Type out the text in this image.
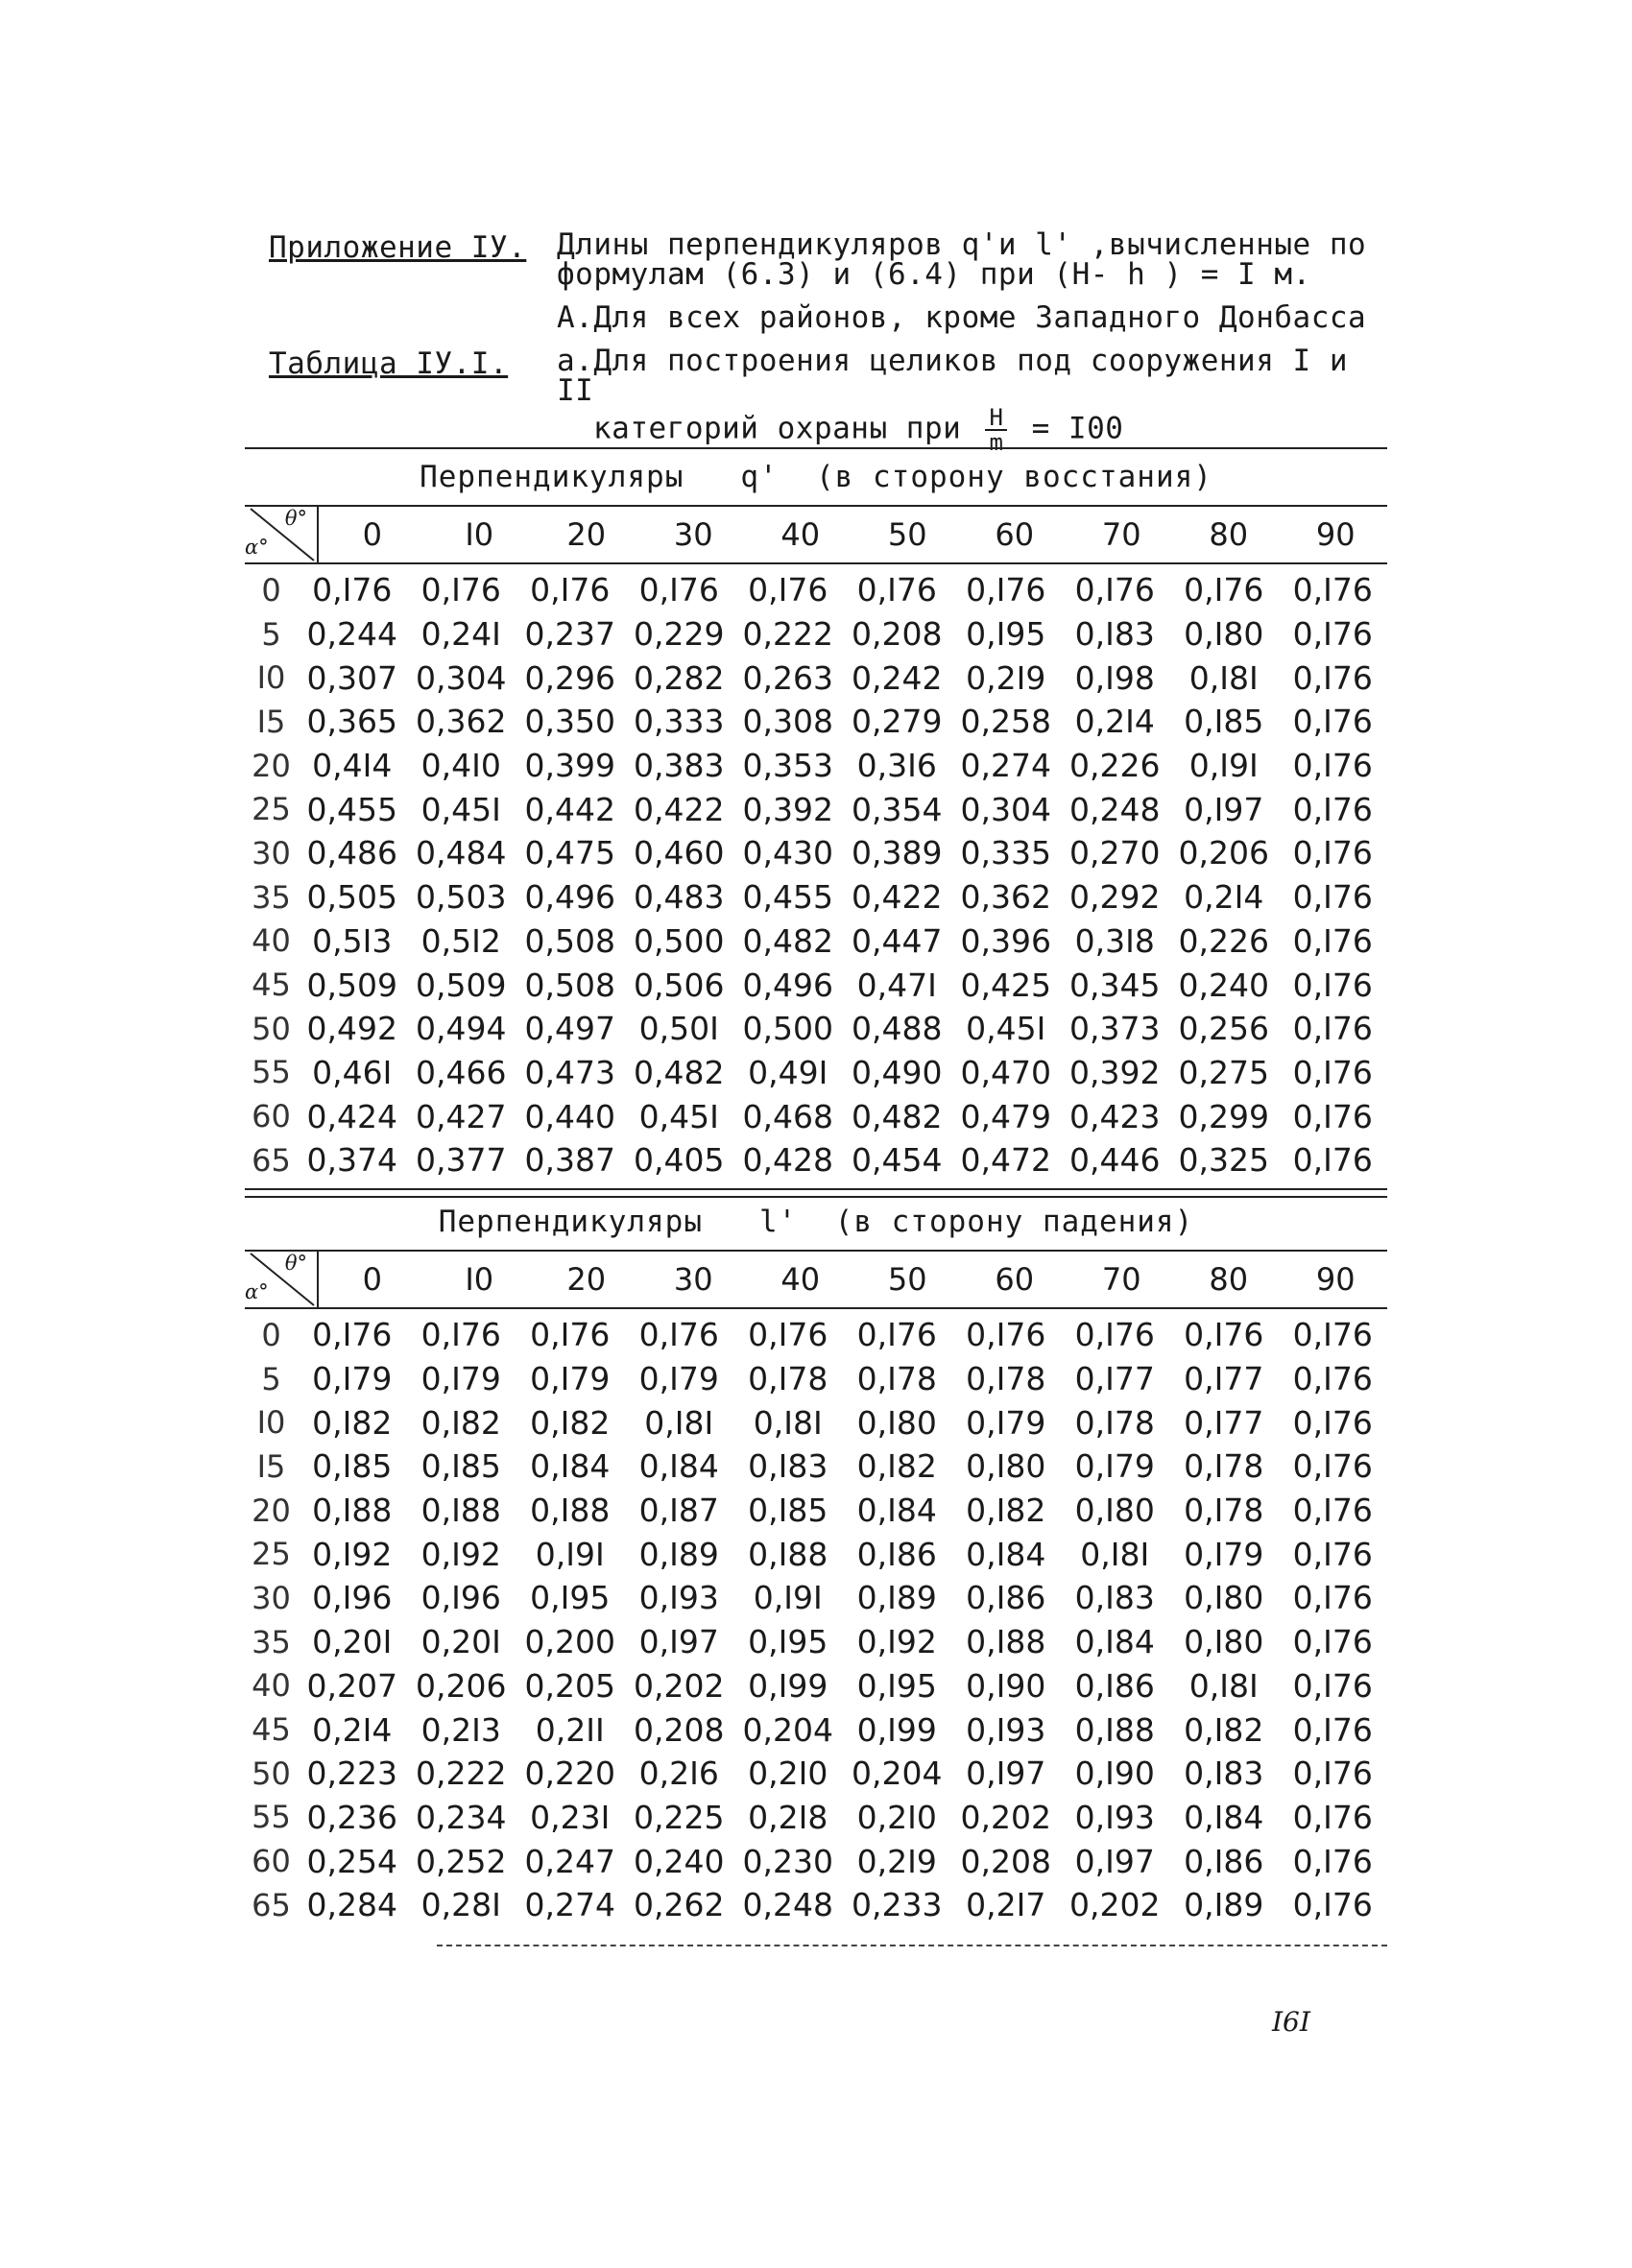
Приложение IУ.	Длины перпендикуляров q'и l' ,вычисленные по
формулам (6.3) и (6.4) при (H- h ) = I м.
А.Для всех районов, кроме Западного Донбасса
Таблица IУ.I.	а.Для построения целиков под сооружения I и II
категорий охраны при $\frac{H}{m} = I00$
Перпендикуляры   q'  (в сторону восстания)
α°
θ°	0	I0	20	30	40	50	60	70	80	90
0 0,I76 0,I76 0,I76 0,I76 0,I76 0,I76 0,I76 0,I76 0,I76 0,I76
5 0,244 0,24I 0,237 0,229 0,222 0,208 0,I95 0,I83 0,I80 0,I76
I0 0,307 0,304 0,296 0,282 0,263 0,242 0,2I9 0,I98	0,I8I	0,I76
I5 0,365 0,362 0,350 0,333 0,308 0,279 0,258 0,2I4 0,I85 0,I76
20 0,4I4 0,4I0 0,399 0,383 0,353 0,3I6 0,274 0,226 0,I9I	0,I76
25 0,455 0,45I 0,442 0,422 0,392 0,354 0,304 0,248 0,I97 0,I76
30 0,486 0,484 0,475 0,460 0,430 0,389 0,335 0,270 0,206 0,I76
35 0,505 0,503 0,496 0,483 0,455 0,422 0,362 0,292 0,2I4 0,I76
40 0,5I3 0,5I2 0,508 0,500 0,482 0,447 0,396 0,3I8 0,226 0,I76
45 0,509 0,509 0,508 0,506 0,496 0,47I 0,425 0,345 0,240 0,I76
50 0,492 0,494 0,497 0,50I 0,500 0,488 0,45I 0,373 0,256 0,I76
55 0,46I 0,466 0,473 0,482 0,49I 0,490 0,470 0,392 0,275 0,I76
60 0,424 0,427 0,440 0,45I 0,468 0,482 0,479 0,423 0,299 0,I76
65 0,374 0,377 0,387 0,405 0,428 0,454 0,472 0,446 0,325 0,I76
Перпендикуляры   l'  (в сторону падения)
α°
θ°	0	I0	20	30	40	50	60	70	80	90
0 0,I76 0,I76 0,I76 0,I76 0,I76 0,I76 0,I76 0,I76 0,I76 0,I76
5 0,I79 0,I79 0,I79 0,I79 0,I78 0,I78 0,I78 0,I77 0,I77 0,I76
I0 0,I82 0,I82 0,I82	0,I8I	0,I8I	0,I80 0,I79 0,I78 0,I77 0,I76
I5 0,I85 0,I85 0,I84 0,I84 0,I83 0,I82 0,I80 0,I79 0,I78 0,I76
20 0,I88 0,I88 0,I88 0,I87 0,I85 0,I84 0,I82 0,I80 0,I78 0,I76
25 0,I92 0,I92	0,I9I	0,I89 0,I88 0,I86 0,I84	0,I8I	0,I79 0,I76
30 0,I96 0,I96 0,I95 0,I93	0,I9I	0,I89 0,I86 0,I83 0,I80 0,I76
35 0,20I 0,20I 0,200 0,I97 0,I95 0,I92 0,I88 0,I84 0,I80 0,I76
40 0,207 0,206 0,205 0,202 0,I99 0,I95 0,I90 0,I86	0,I8I	0,I76
45 0,2I4 0,2I3	0,2II 0,208 0,204 0,I99 0,I93 0,I88 0,I82 0,I76
50 0,223 0,222 0,220 0,2I6 0,2I0 0,204 0,I97 0,I90 0,I83 0,I76
55 0,236 0,234 0,23I 0,225 0,2I8 0,2I0 0,202 0,I93 0,I84 0,I76
60 0,254 0,252 0,247 0,240 0,230 0,2I9 0,208 0,I97 0,I86 0,I76
65 0,284 0,28I 0,274 0,262 0,248 0,233 0,2I7 0,202 0,I89 0,I76
I6I
